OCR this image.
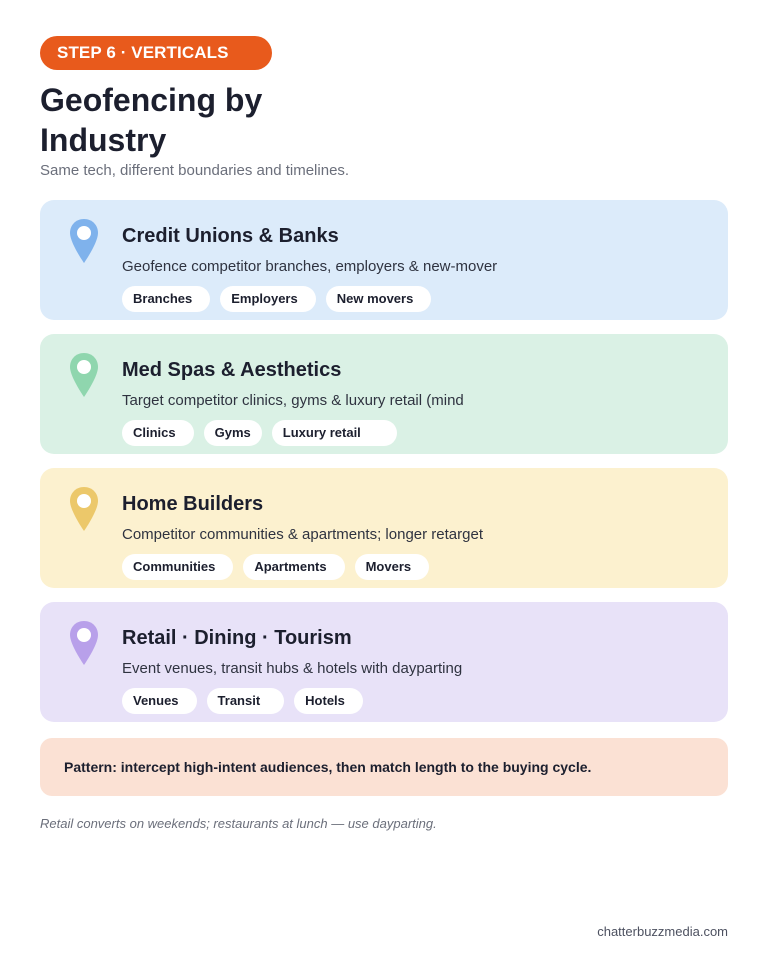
STEP 6 · VERTICALS
Geofencing by Industry
Same tech, different boundaries and timelines.
Credit Unions & Banks
Geofence competitor branches, employers & new-mover
Branches	Employers	New movers
Med Spas & Aesthetics
Target competitor clinics, gyms & luxury retail (mind
Clinics	Gyms	Luxury retail
Home Builders
Competitor communities & apartments; longer retarget
Communities	Apartments	Movers
Retail · Dining · Tourism
Event venues, transit hubs & hotels with dayparting
Venues	Transit	Hotels
Pattern: intercept high-intent audiences, then match length to the buying cycle.
Retail converts on weekends; restaurants at lunch — use dayparting.
chatterbuzzmedia.com
